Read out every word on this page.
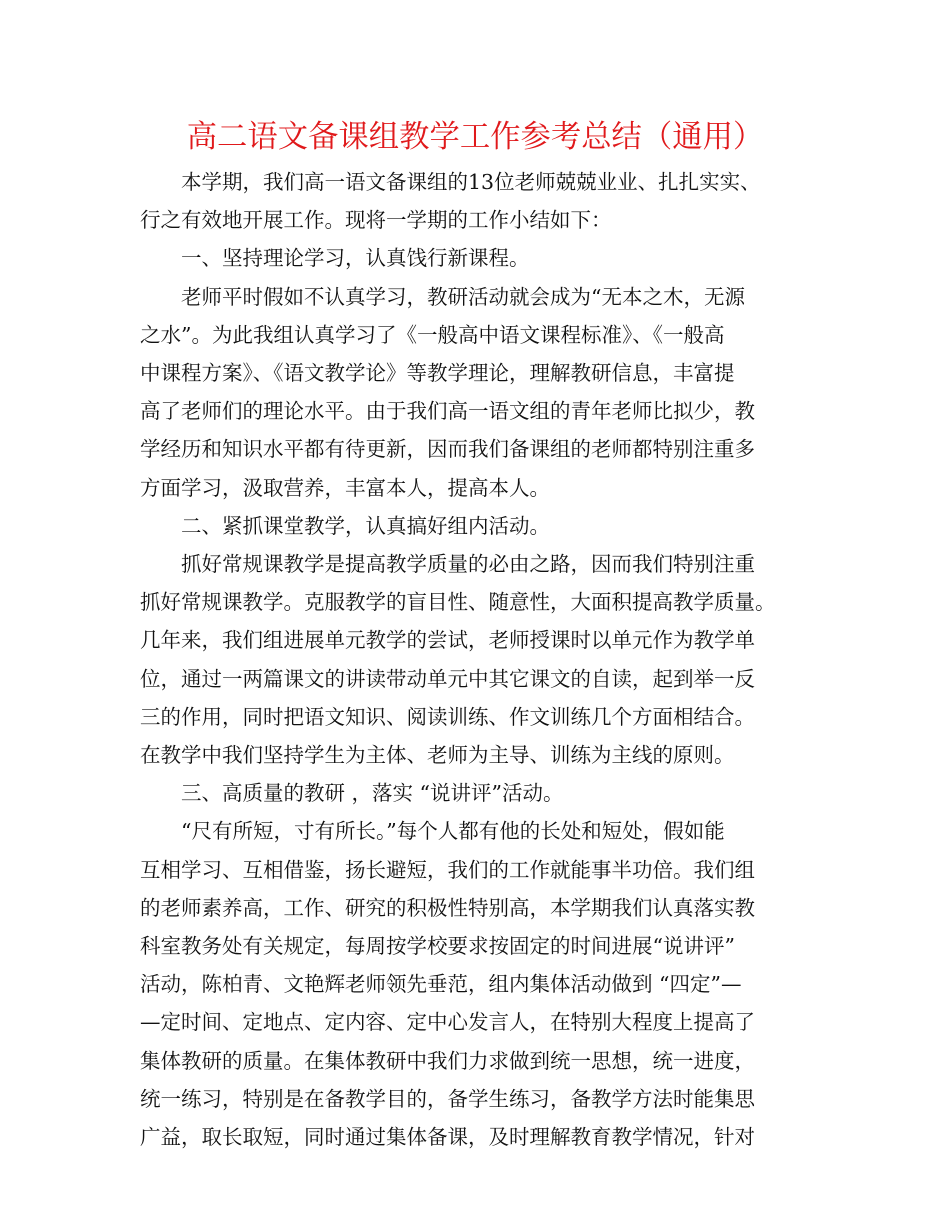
高二语文备课组教学工作参考总结（通用）
　　本学期，我们高一语文备课组的13位老师兢兢业业、扎扎实实、
行之有效地开展工作。现将一学期的工作小结如下：
　　一、坚持理论学习，认真饯行新课程。
　　老师平时假如不认真学习，教研活动就会成为“无本之木，无源
之水”。为此我组认真学习了《一般高中语文课程标准》、《一般高
中课程方案》、《语文教学论》等教学理论，理解教研信息，丰富提
高了老师们的理论水平。由于我们高一语文组的青年老师比拟少，教
学经历和知识水平都有待更新，因而我们备课组的老师都特别注重多
方面学习，汲取营养，丰富本人，提高本人。
　　二、紧抓课堂教学，认真搞好组内活动。
　　抓好常规课教学是提高教学质量的必由之路，因而我们特别注重
抓好常规课教学。克服教学的盲目性、随意性，大面积提高教学质量。
几年来，我们组进展单元教学的尝试，老师授课时以单元作为教学单
位，通过一两篇课文的讲读带动单元中其它课文的自读，起到举一反
三的作用，同时把语文知识、阅读训练、作文训练几个方面相结合。
在教学中我们坚持学生为主体、老师为主导、训练为主线的原则。
　　三、高质量的教研 ，落实 “说讲评”活动。
　　“尺有所短，寸有所长。”每个人都有他的长处和短处，假如能
互相学习、互相借鉴，扬长避短，我们的工作就能事半功倍。我们组
的老师素养高，工作、研究的积极性特别高，本学期我们认真落实教
科室教务处有关规定，每周按学校要求按固定的时间进展“说讲评”
活动，陈柏青、文艳辉老师领先垂范，组内集体活动做到 “四定”—
—定时间、定地点、定内容、定中心发言人，在特别大程度上提高了
集体教研的质量。在集体教研中我们力求做到统一思想，统一进度，
统一练习，特别是在备教学目的，备学生练习，备教学方法时能集思
广益，取长取短，同时通过集体备课，及时理解教育教学情况，针对
